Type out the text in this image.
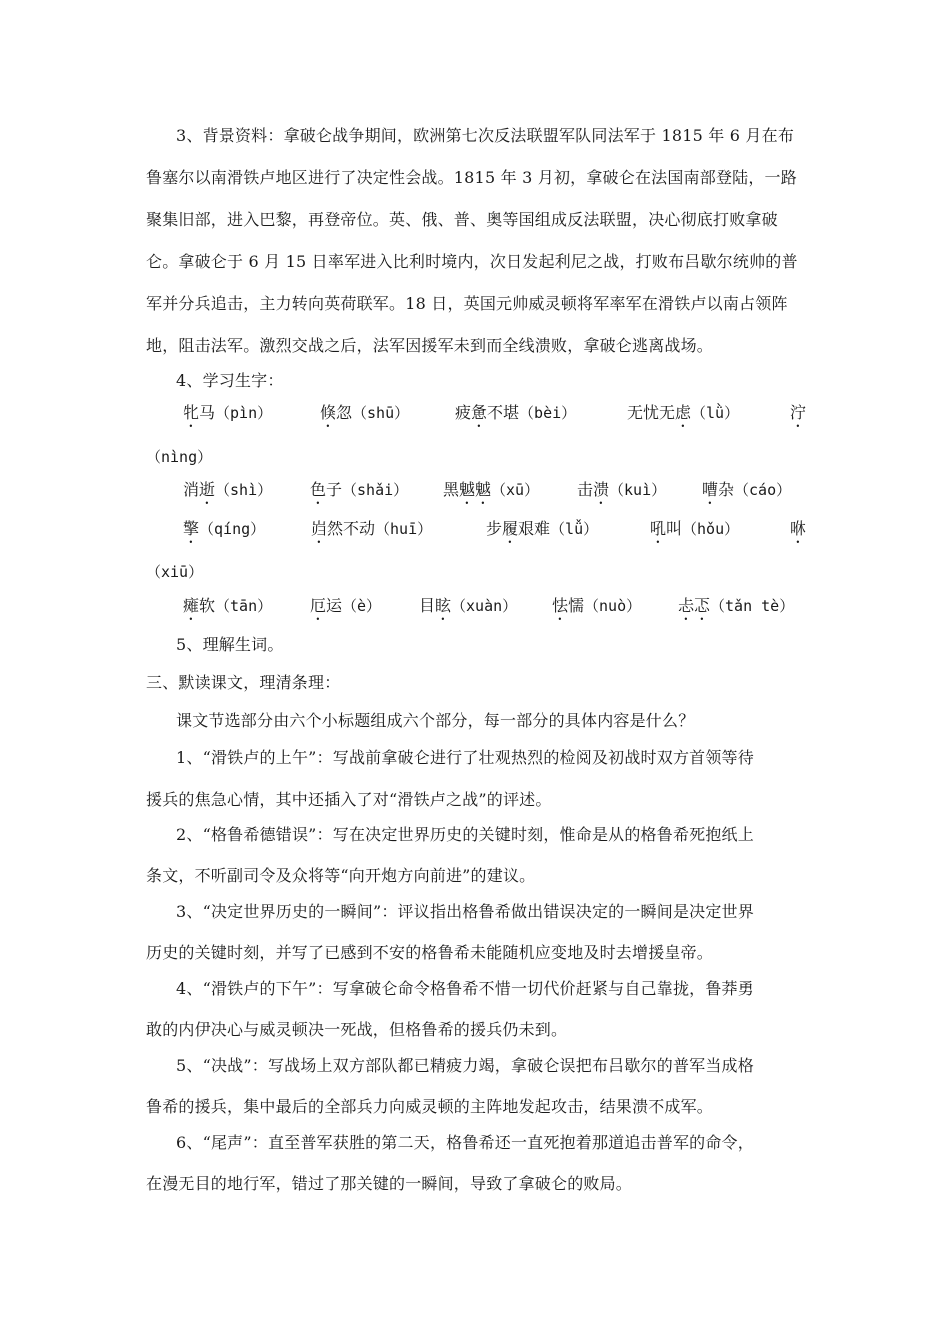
3、背景资料：拿破仑战争期间，欧洲第七次反法联盟军队同法军于 1815 年 6 月在布
鲁塞尔以南滑铁卢地区进行了决定性会战。1815 年 3 月初，拿破仑在法国南部登陆，一路
聚集旧部，进入巴黎，再登帝位。英、俄、普、奥等国组成反法联盟，决心彻底打败拿破
仑。拿破仑于 6 月 15 日率军进入比利时境内，次日发起利尼之战，打败布吕歇尔统帅的普
军并分兵追击，主力转向英荷联军。18 日，英国元帅威灵顿将军率军在滑铁卢以南占领阵
地，阻击法军。激烈交战之后，法军因援军未到而全线溃败，拿破仑逃离战场。
4、学习生字：
牝马（pìn）	倏忽（shū）	疲惫不堪（bèi）	无忧无虑（lǜ）	泞
（nìng）
消逝（shì） 色子（shǎi） 黑魆魆（xū） 击溃（kuì） 嘈杂（cáo）
擎（qíng）	岿然不动（huī）	步履艰难（lǚ）	吼叫（hǒu）	咻
（xiū）
瘫软（tān） 厄运（è） 目眩（xuàn） 怯懦（nuò） 忐忑（tǎn tè）
5、理解生词。
三、默读课文，理清条理：
课文节选部分由六个小标题组成六个部分，每一部分的具体内容是什么？
1、“滑铁卢的上午”：写战前拿破仑进行了壮观热烈的检阅及初战时双方首领等待
援兵的焦急心情，其中还插入了对“滑铁卢之战”的评述。
2、“格鲁希德错误”：写在决定世界历史的关键时刻，惟命是从的格鲁希死抱纸上
条文，不听副司令及众将等“向开炮方向前进”的建议。
3、“决定世界历史的一瞬间”：评议指出格鲁希做出错误决定的一瞬间是决定世界
历史的关键时刻，并写了已感到不安的格鲁希未能随机应变地及时去增援皇帝。
4、“滑铁卢的下午”：写拿破仑命令格鲁希不惜一切代价赶紧与自己靠拢，鲁莽勇
敢的内伊决心与威灵顿决一死战，但格鲁希的援兵仍未到。
5、“决战”：写战场上双方部队都已精疲力竭，拿破仑误把布吕歇尔的普军当成格
鲁希的援兵，集中最后的全部兵力向威灵顿的主阵地发起攻击，结果溃不成军。
6、“尾声”：直至普军获胜的第二天，格鲁希还一直死抱着那道追击普军的命令，
在漫无目的地行军，错过了那关键的一瞬间，导致了拿破仑的败局。
